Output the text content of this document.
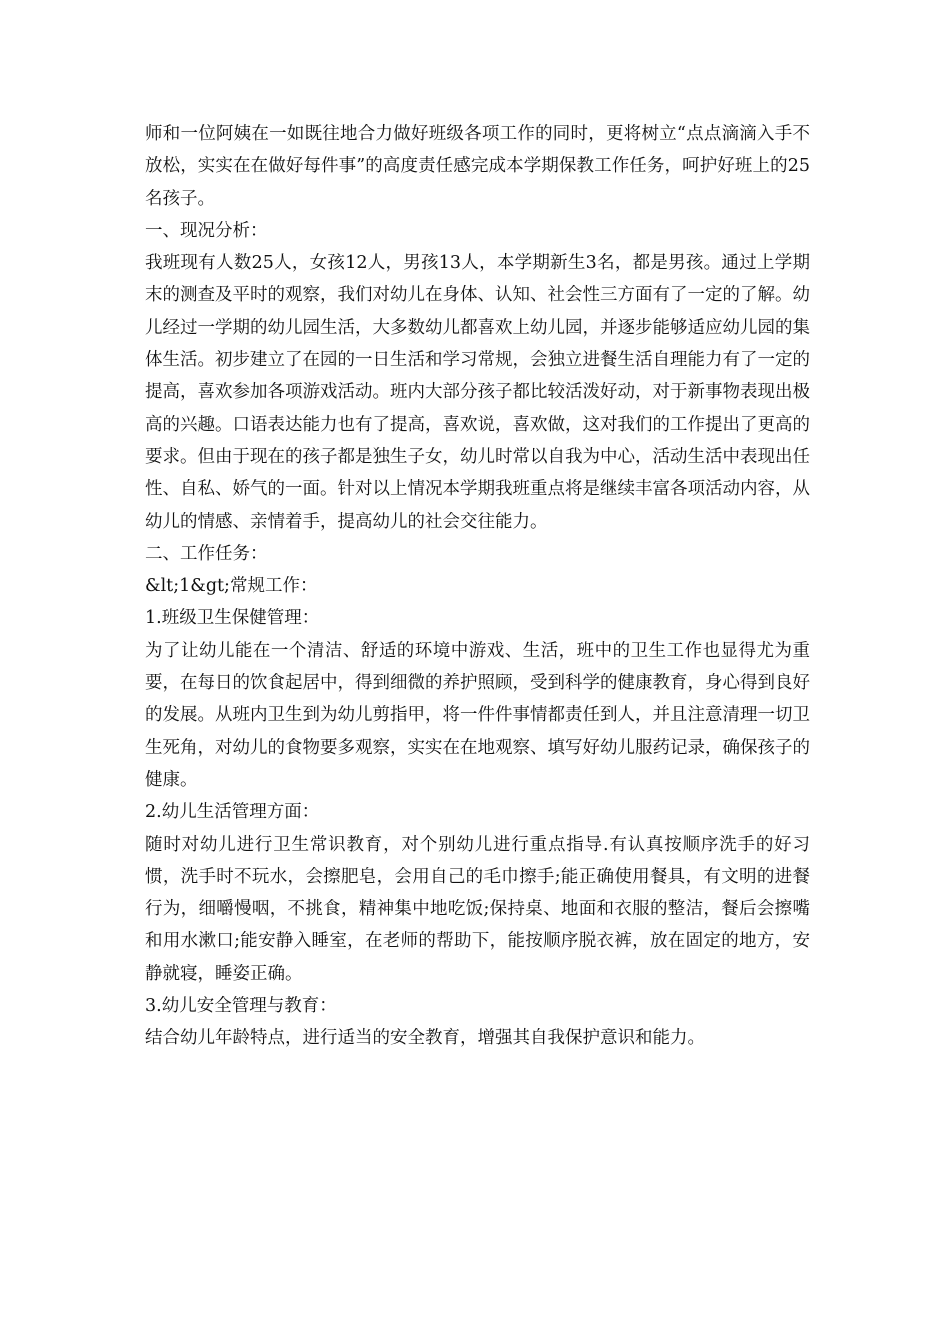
师和一位阿姨在一如既往地合力做好班级各项工作的同时，更将树立“点点滴滴入手不放松，实实在在做好每件事”的高度责任感完成本学期保教工作任务，呵护好班上的25名孩子。

一、现况分析：

我班现有人数25人，女孩12人，男孩13人，本学期新生3名，都是男孩。通过上学期末的测查及平时的观察，我们对幼儿在身体、认知、社会性三方面有了一定的了解。幼儿经过一学期的幼儿园生活，大多数幼儿都喜欢上幼儿园，并逐步能够适应幼儿园的集体生活。初步建立了在园的一日生活和学习常规，会独立进餐生活自理能力有了一定的提高，喜欢参加各项游戏活动。班内大部分孩子都比较活泼好动，对于新事物表现出极高的兴趣。口语表达能力也有了提高，喜欢说，喜欢做，这对我们的工作提出了更高的要求。但由于现在的孩子都是独生子女，幼儿时常以自我为中心，活动生活中表现出任性、自私、娇气的一面。针对以上情况本学期我班重点将是继续丰富各项活动内容，从幼儿的情感、亲情着手，提高幼儿的社会交往能力。

二、工作任务：

&lt;1&gt;常规工作：

1.班级卫生保健管理：

为了让幼儿能在一个清洁、舒适的环境中游戏、生活，班中的卫生工作也显得尤为重要，在每日的饮食起居中，得到细微的养护照顾，受到科学的健康教育，身心得到良好的发展。从班内卫生到为幼儿剪指甲，将一件件事情都责任到人，并且注意清理一切卫生死角，对幼儿的食物要多观察，实实在在地观察、填写好幼儿服药记录，确保孩子的健康。

2.幼儿生活管理方面：

随时对幼儿进行卫生常识教育，对个别幼儿进行重点指导.有认真按顺序洗手的好习惯，洗手时不玩水，会擦肥皂，会用自己的毛巾擦手;能正确使用餐具，有文明的进餐行为，细嚼慢咽，不挑食，精神集中地吃饭;保持桌、地面和衣服的整洁，餐后会擦嘴和用水漱口;能安静入睡室，在老师的帮助下，能按顺序脱衣裤，放在固定的地方，安静就寝，睡姿正确。

3.幼儿安全管理与教育：

结合幼儿年龄特点，进行适当的安全教育，增强其自我保护意识和能力。
